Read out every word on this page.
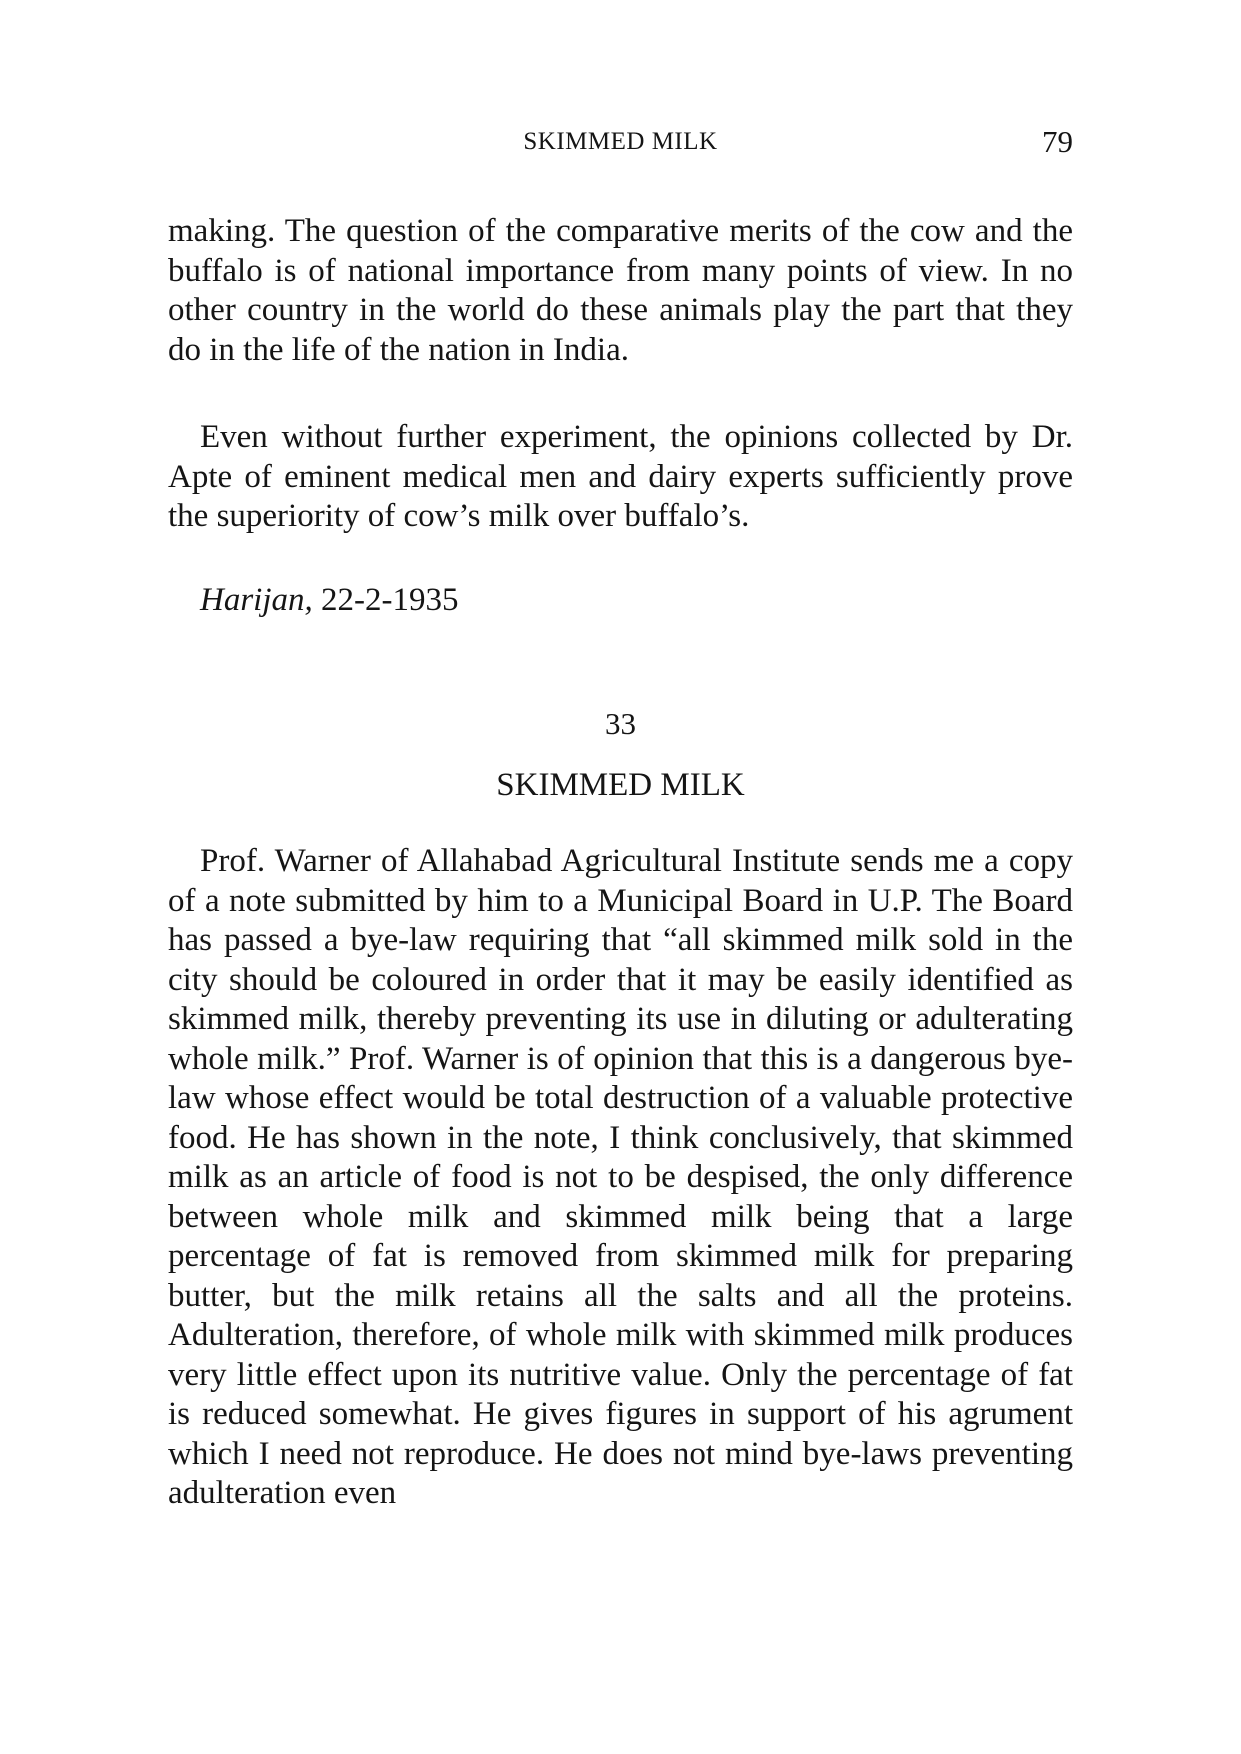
SKIMMED MILK	79

making. The question of the comparative merits of the cow and the buffalo is of national importance from many points of view. In no other country in the world do these animals play the part that they do in the life of the nation in India.

Even without further experiment, the opinions collected by Dr. Apte of eminent medical men and dairy experts sufficiently prove the superiority of cow’s milk over buffalo’s.

Harijan, 22-2-1935
33
SKIMMED MILK

Prof. Warner of Allahabad Agricultural Institute sends me a copy of a note submitted by him to a Municipal Board in U.P. The Board has passed a bye-law requiring that “all skimmed milk sold in the city should be coloured in order that it may be easily identified as skimmed milk, thereby preventing its use in diluting or adulterating whole milk.” Prof. Warner is of opinion that this is a dangerous bye-law whose effect would be total destruction of a valuable protective food. He has shown in the note, I think conclusively, that skimmed milk as an article of food is not to be despised, the only difference between whole milk and skimmed milk being that a large percentage of fat is removed from skimmed milk for preparing butter, but the milk retains all the salts and all the proteins. Adulteration, therefore, of whole milk with skimmed milk produces very little effect upon its nutritive value. Only the percentage of fat is reduced somewhat. He gives figures in support of his agrument which I need not reproduce. He does not mind bye-laws preventing adulteration even
